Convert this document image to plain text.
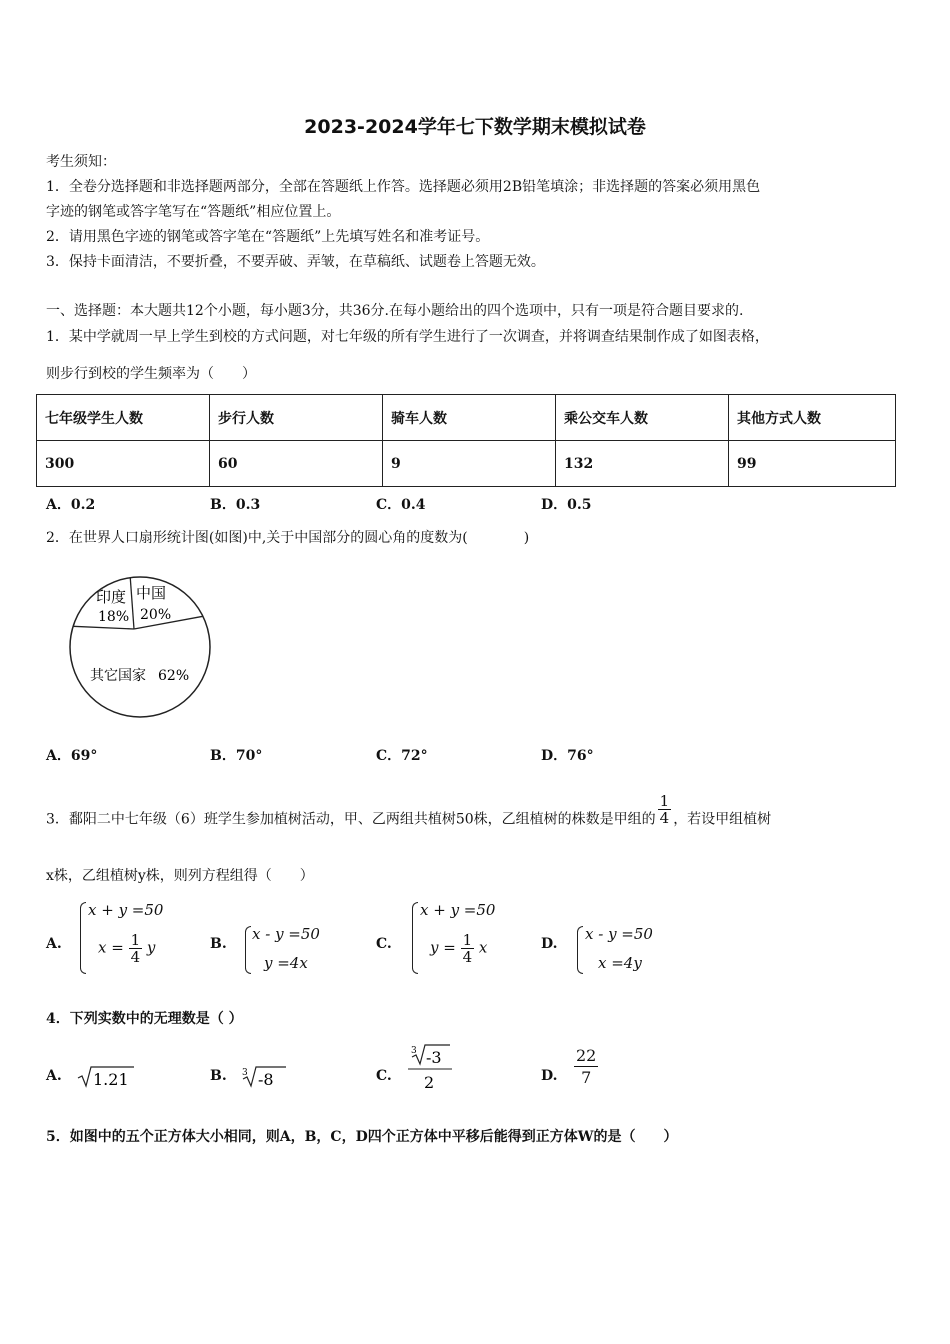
2023-2024学年七下数学期末模拟试卷
考生须知：
1．全卷分选择题和非选择题两部分，全部在答题纸上作答。选择题必须用2B铅笔填涂；非选择题的答案必须用黑色
字迹的钢笔或答字笔写在“答题纸”相应位置上。
2．请用黑色字迹的钢笔或答字笔在“答题纸”上先填写姓名和准考证号。
3．保持卡面清洁，不要折叠，不要弄破、弄皱，在草稿纸、试题卷上答题无效。
一、选择题：本大题共12个小题，每小题3分，共36分.在每小题给出的四个选项中，只有一项是符合题目要求的.
1．某中学就周一早上学生到校的方式问题，对七年级的所有学生进行了一次调查，并将调查结果制作成了如图表格，
则步行到校的学生频率为（　　）
七年级学生人数	步行人数	骑车人数	乘公交车人数	其他方式人数
300	60	9	132	99
A．0.2	B．0.3	C．0.4	D．0.5
2．在世界人口扇形统计图(如图)中,关于中国部分的圆心角的度数为(　　　　)
中国
20%
印度
18%
其它国家 62%
A．69°	B．70°	C．72°	D．76°
3．鄱阳二中七年级（6）班学生参加植树活动，甲、乙两组共植树50株，乙组植树的株数是甲组的 $\frac{1}{4}$ ，若设甲组植树
x株，乙组植树y株，则列方程组得（　　）
A.
x + y =50
$x = \frac{1}{4}$ y	B.
x - y =50
y =4x
C.
x + y =50
$y = \frac{1}{4}$ x	D.
x - y =50
x =4y
4．下列实数中的无理数是（ ）
A. 1.21	B. 3 -8	C.
3 -3
2	D. $\frac{22}{7}$
5．如图中的五个正方体大小相同，则A，B，C，D四个正方体中平移后能得到正方体W的是（　　）
